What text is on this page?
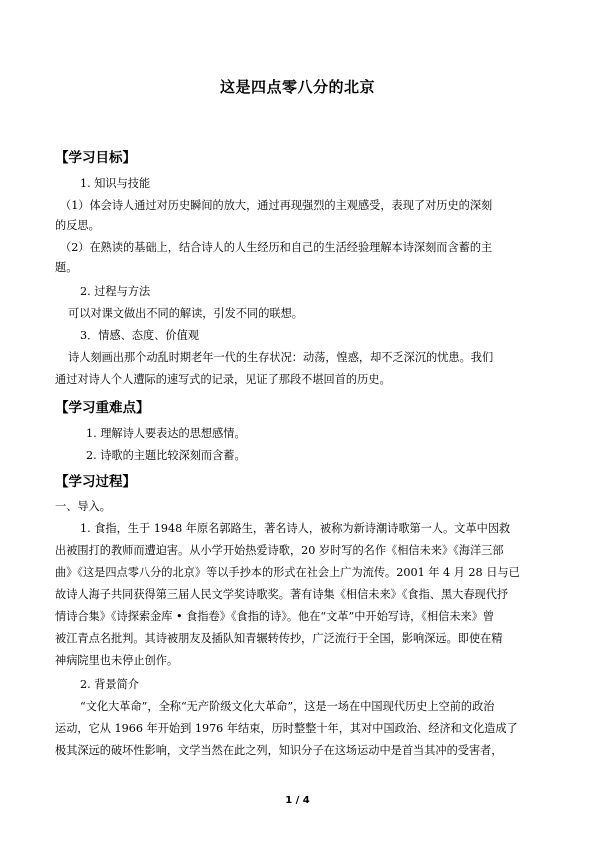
这是四点零八分的北京
【学习目标】
1. 知识与技能
（1）体会诗人通过对历史瞬间的放大，通过再现强烈的主观感受，表现了对历史的深刻
的反思。
（2）在熟读的基础上，结合诗人的人生经历和自己的生活经验理解本诗深刻而含蓄的主
题。
2. 过程与方法
可以对课文做出不同的解读，引发不同的联想。
3．情感、态度、价值观
诗人刻画出那个动乱时期老年一代的生存状况：动荡，惶惑，却不乏深沉的忧患。我们
通过对诗人个人遭际的速写式的记录，见证了那段不堪回首的历史。
【学习重难点】
1. 理解诗人要表达的思想感情。
2. 诗歌的主题比较深刻而含蓄。
【学习过程】
一、导入。
1. 食指，生于 1948 年原名郭路生，著名诗人，被称为新诗潮诗歌第一人。文革中因救
出被围打的教师而遭迫害。从小学开始热爱诗歌，20 岁时写的名作《相信未来》《海洋三部
曲》《这是四点零八分的北京》等以手抄本的形式在社会上广为流传。2001 年 4 月 28 日与已
故诗人海子共同获得第三届人民文学奖诗歌奖。著有诗集《相信未来》《食指、黑大春现代抒
情诗合集》《诗探索金库 • 食指卷》《食指的诗》。他在“文革”中开始写诗，《相信未来》曾
被江青点名批判。其诗被朋友及插队知青辗转传抄，广泛流行于全国，影响深远。即使在精
神病院里也未停止创作。
2. 背景简介
“文化大革命”，全称“无产阶级文化大革命”，这是一场在中国现代历史上空前的政治
运动，它从 1966 年开始到 1976 年结束，历时整整十年，其对中国政治、经济和文化造成了
极其深远的破坏性影响，文学当然在此之列，知识分子在这场运动中是首当其冲的受害者，
1 / 4
